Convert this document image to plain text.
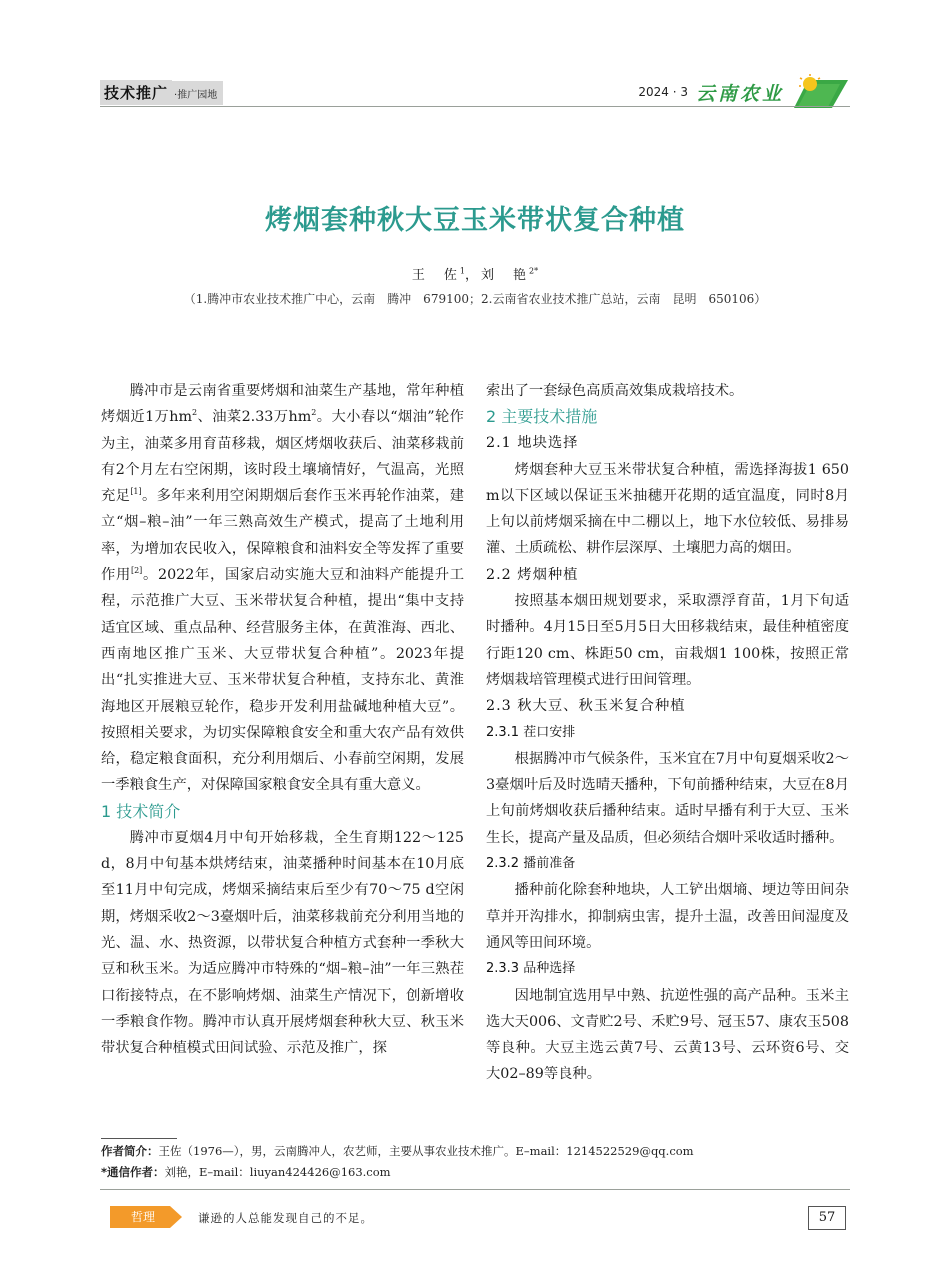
技术推广 ·推广园地	2024 · 3 云南农业
烤烟套种秋大豆玉米带状复合种植
王　佐$^1$，刘　艳$^{2*}$
（1.腾冲市农业技术推广中心，云南　腾冲　679100；2.云南省农业技术推广总站，云南　昆明　650106）

腾冲市是云南省重要烤烟和油菜生产基地，常年种植烤烟近1万$hm^2$、油菜2.33万$hm^2$。大小春以“烟油”轮作为主，油菜多用育苗移栽，烟区烤烟收获后、油菜移栽前有2个月左右空闲期，该时段土壤墒情好，气温高，光照充足[1]。多年来利用空闲期烟后套作玉米再轮作油菜，建立“烟–粮–油”一年三熟高效生产模式，提高了土地利用率，为增加农民收入，保障粮食和油料安全等发挥了重要作用[2]。2022年，国家启动实施大豆和油料产能提升工程，示范推广大豆、玉米带状复合种植，提出“集中支持适宜区域、重点品种、经营服务主体，在黄淮海、西北、西南地区推广玉米、大豆带状复合种植”。2023年提出“扎实推进大豆、玉米带状复合种植，支持东北、黄淮海地区开展粮豆轮作，稳步开发利用盐碱地种植大豆”。按照相关要求，为切实保障粮食安全和重大农产品有效供给，稳定粮食面积，充分利用烟后、小春前空闲期，发展一季粮食生产，对保障国家粮食安全具有重大意义。

1 技术简介

腾冲市夏烟4月中旬开始移栽，全生育期122～125 d，8月中旬基本烘烤结束，油菜播种时间基本在10月底至11月中旬完成，烤烟采摘结束后至少有70～75 d空闲期，烤烟采收2～3臺烟叶后，油菜移栽前充分利用当地的光、温、水、热资源，以带状复合种植方式套种一季秋大豆和秋玉米。为适应腾冲市特殊的“烟–粮–油”一年三熟茬口衔接特点，在不影响烤烟、油菜生产情况下，创新增收一季粮食作物。腾冲市认真开展烤烟套种秋大豆、秋玉米带状复合种植模式田间试验、示范及推广，探

索出了一套绿色高质高效集成栽培技术。

2 主要技术措施
2.1 地块选择

烤烟套种大豆玉米带状复合种植，需选择海拔1 650 m以下区域以保证玉米抽穗开花期的适宜温度，同时8月上旬以前烤烟采摘在中二棚以上，地下水位较低、易排易灌、土质疏松、耕作层深厚、土壤肥力高的烟田。

2.2 烤烟种植

按照基本烟田规划要求，采取漂浮育苗，1月下旬适时播种。4月15日至5月5日大田移栽结束，最佳种植密度行距120 cm、株距50 cm，亩栽烟1 100株，按照正常烤烟栽培管理模式进行田间管理。

2.3 秋大豆、秋玉米复合种植
2.3.1 茬口安排

根据腾冲市气候条件，玉米宜在7月中旬夏烟采收2～3臺烟叶后及时选晴天播种，下旬前播种结束，大豆在8月上旬前烤烟收获后播种结束。适时早播有利于大豆、玉米生长，提高产量及品质，但必须结合烟叶采收适时播种。

2.3.2 播前准备

播种前化除套种地块，人工铲出烟墒、埂边等田间杂草并开沟排水，抑制病虫害，提升土温，改善田间湿度及通风等田间环境。

2.3.3 品种选择

因地制宜选用早中熟、抗逆性强的高产品种。玉米主选大天006、文青贮2号、禾贮9号、冠玉57、康农玉508等良种。大豆主选云黄7号、云黄13号、云环资6号、交大02–89等良种。

作者简介：王佐（1976—），男，云南腾冲人，农艺师，主要从事农业技术推广。E–mail：1214522529@qq.com
*通信作者：刘艳，E–mail：liuyan424426@163.com
哲理	谦逊的人总能发现自己的不足。	57
